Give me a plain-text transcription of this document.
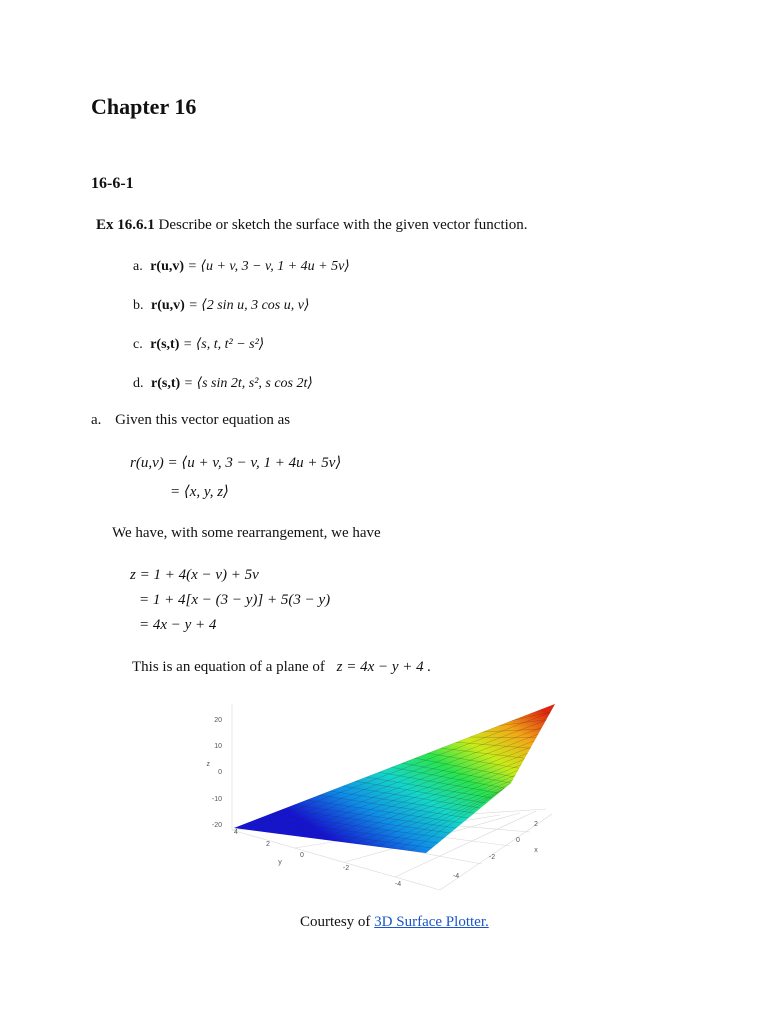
Chapter 16
16-6-1
Ex 16.6.1 Describe or sketch the surface with the given vector function.
a. r(u,v) = ⟨u + v, 3 − v, 1 + 4u + 5v⟩
b. r(u,v) = ⟨2 sin u, 3 cos u, v⟩
c. r(s,t) = ⟨s, t, t² − s²⟩
d. r(s,t) = ⟨s sin 2t, s², s cos 2t⟩
a. Given this vector equation as
r(u,v) = ⟨u + v, 3 − v, 1 + 4u + 5v⟩
= ⟨x, y, z⟩
We have, with some rearrangement, we have
z = 1 + 4(x − v) + 5v
= 1 + 4[x − (3 − y)] + 5(3 − y)
= 4x − y + 4
This is an equation of a plane of z = 4x − y + 4 .
20
10
0
-10
-20
z
4
2
0
-2
-4
y
2
0
-2
-4
x
Courtesy of 3D Surface Plotter.
